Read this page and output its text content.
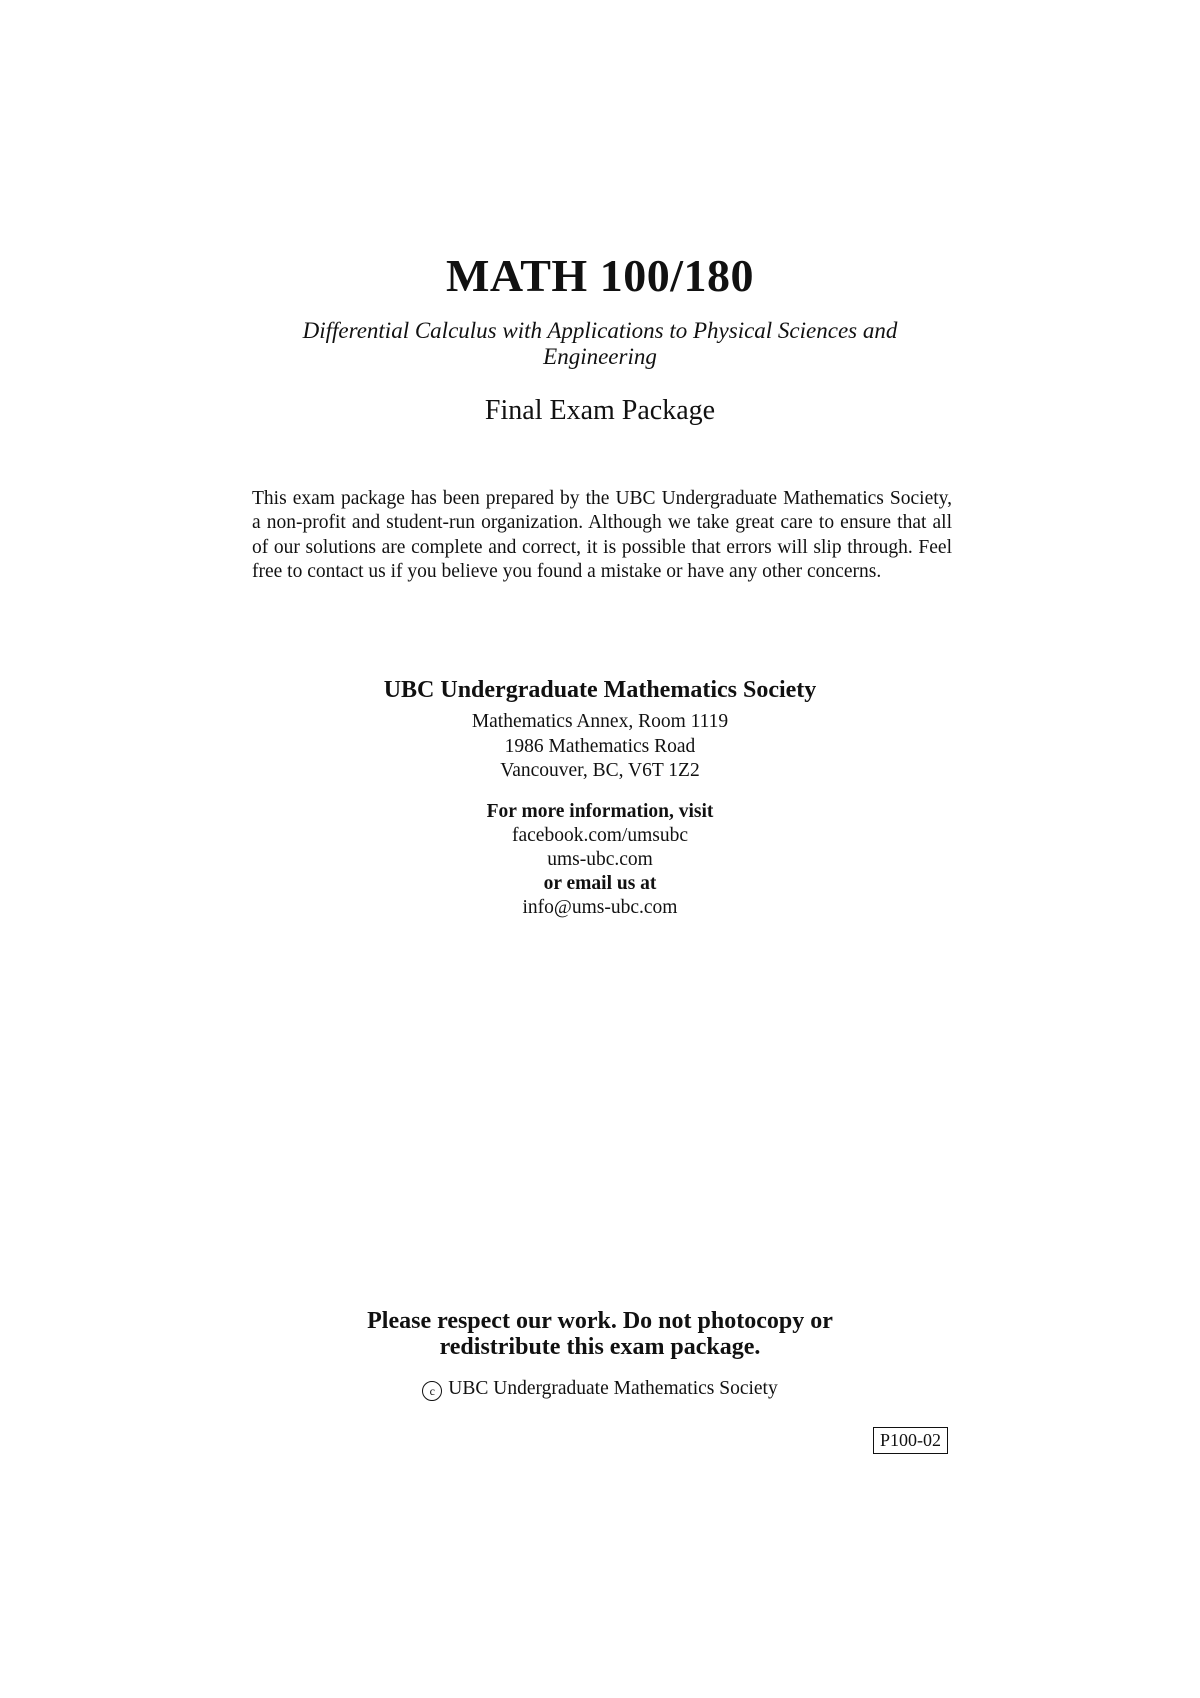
MATH 100/180
Differential Calculus with Applications to Physical Sciences and Engineering
Final Exam Package

This exam package has been prepared by the UBC Undergraduate Mathematics Society, a non-profit and student-run organization. Although we take great care to ensure that all of our solutions are complete and correct, it is possible that errors will slip through. Feel free to contact us if you believe you found a mistake or have any other concerns.

UBC Undergraduate Mathematics Society
Mathematics Annex, Room 1119
1986 Mathematics Road
Vancouver, BC, V6T 1Z2
For more information, visit
facebook.com/umsubc
ums-ubc.com
or email us at
info@ums-ubc.com
Please respect our work. Do not photocopy or redistribute this exam package.
c UBC Undergraduate Mathematics Society
P100-02
